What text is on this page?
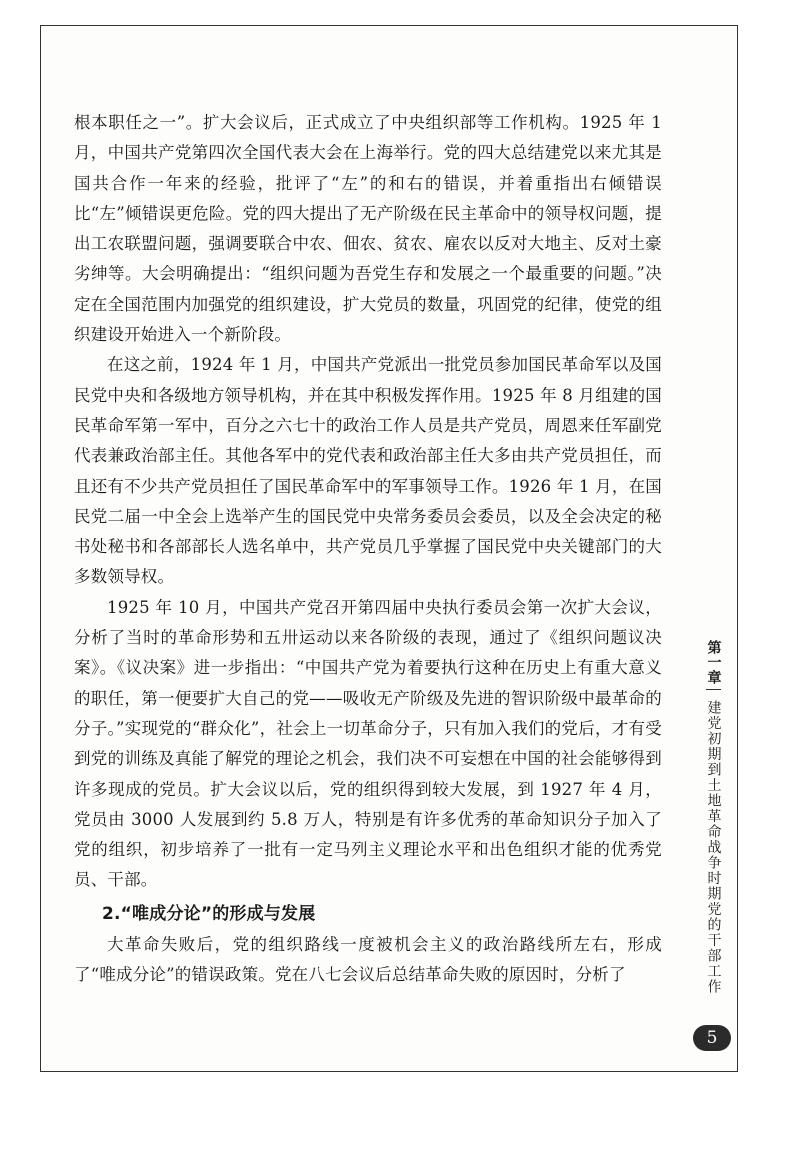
根本职任之一”。扩大会议后，正式成立了中央组织部等工作机构。1925 年 1 月，中国共产党第四次全国代表大会在上海举行。党的四大总结建党以来尤其是国共合作一年来的经验，批评了“左”的和右的错误，并着重指出右倾错误比“左”倾错误更危险。党的四大提出了无产阶级在民主革命中的领导权问题，提出工农联盟问题，强调要联合中农、佃农、贫农、雇农以反对大地主、反对土豪劣绅等。大会明确提出：“组织问题为吾党生存和发展之一个最重要的问题。”决定在全国范围内加强党的组织建设，扩大党员的数量，巩固党的纪律，使党的组织建设开始进入一个新阶段。

在这之前，1924 年 1 月，中国共产党派出一批党员参加国民革命军以及国民党中央和各级地方领导机构，并在其中积极发挥作用。1925 年 8 月组建的国民革命军第一军中，百分之六七十的政治工作人员是共产党员，周恩来任军副党代表兼政治部主任。其他各军中的党代表和政治部主任大多由共产党员担任，而且还有不少共产党员担任了国民革命军中的军事领导工作。1926 年 1 月，在国民党二届一中全会上选举产生的国民党中央常务委员会委员，以及全会决定的秘书处秘书和各部部长人选名单中，共产党员几乎掌握了国民党中央关键部门的大多数领导权。

1925 年 10 月，中国共产党召开第四届中央执行委员会第一次扩大会议，分析了当时的革命形势和五卅运动以来各阶级的表现，通过了《组织问题议决案》。《议决案》进一步指出：“中国共产党为着要执行这种在历史上有重大意义的职任，第一便要扩大自己的党——吸收无产阶级及先进的智识阶级中最革命的分子。”实现党的“群众化”，社会上一切革命分子，只有加入我们的党后，才有受到党的训练及真能了解党的理论之机会，我们决不可妄想在中国的社会能够得到许多现成的党员。扩大会议以后，党的组织得到较大发展，到 1927 年 4 月，党员由 3000 人发展到约 5.8 万人，特别是有许多优秀的革命知识分子加入了党的组织，初步培养了一批有一定马列主义理论水平和出色组织才能的优秀党员、干部。

2.“唯成分论”的形成与发展

大革命失败后，党的组织路线一度被机会主义的政治路线所左右，形成了“唯成分论”的错误政策。党在八七会议后总结革命失败的原因时，分析了

第一章
建党初期到土地革命战争时期党的干部工作
5
